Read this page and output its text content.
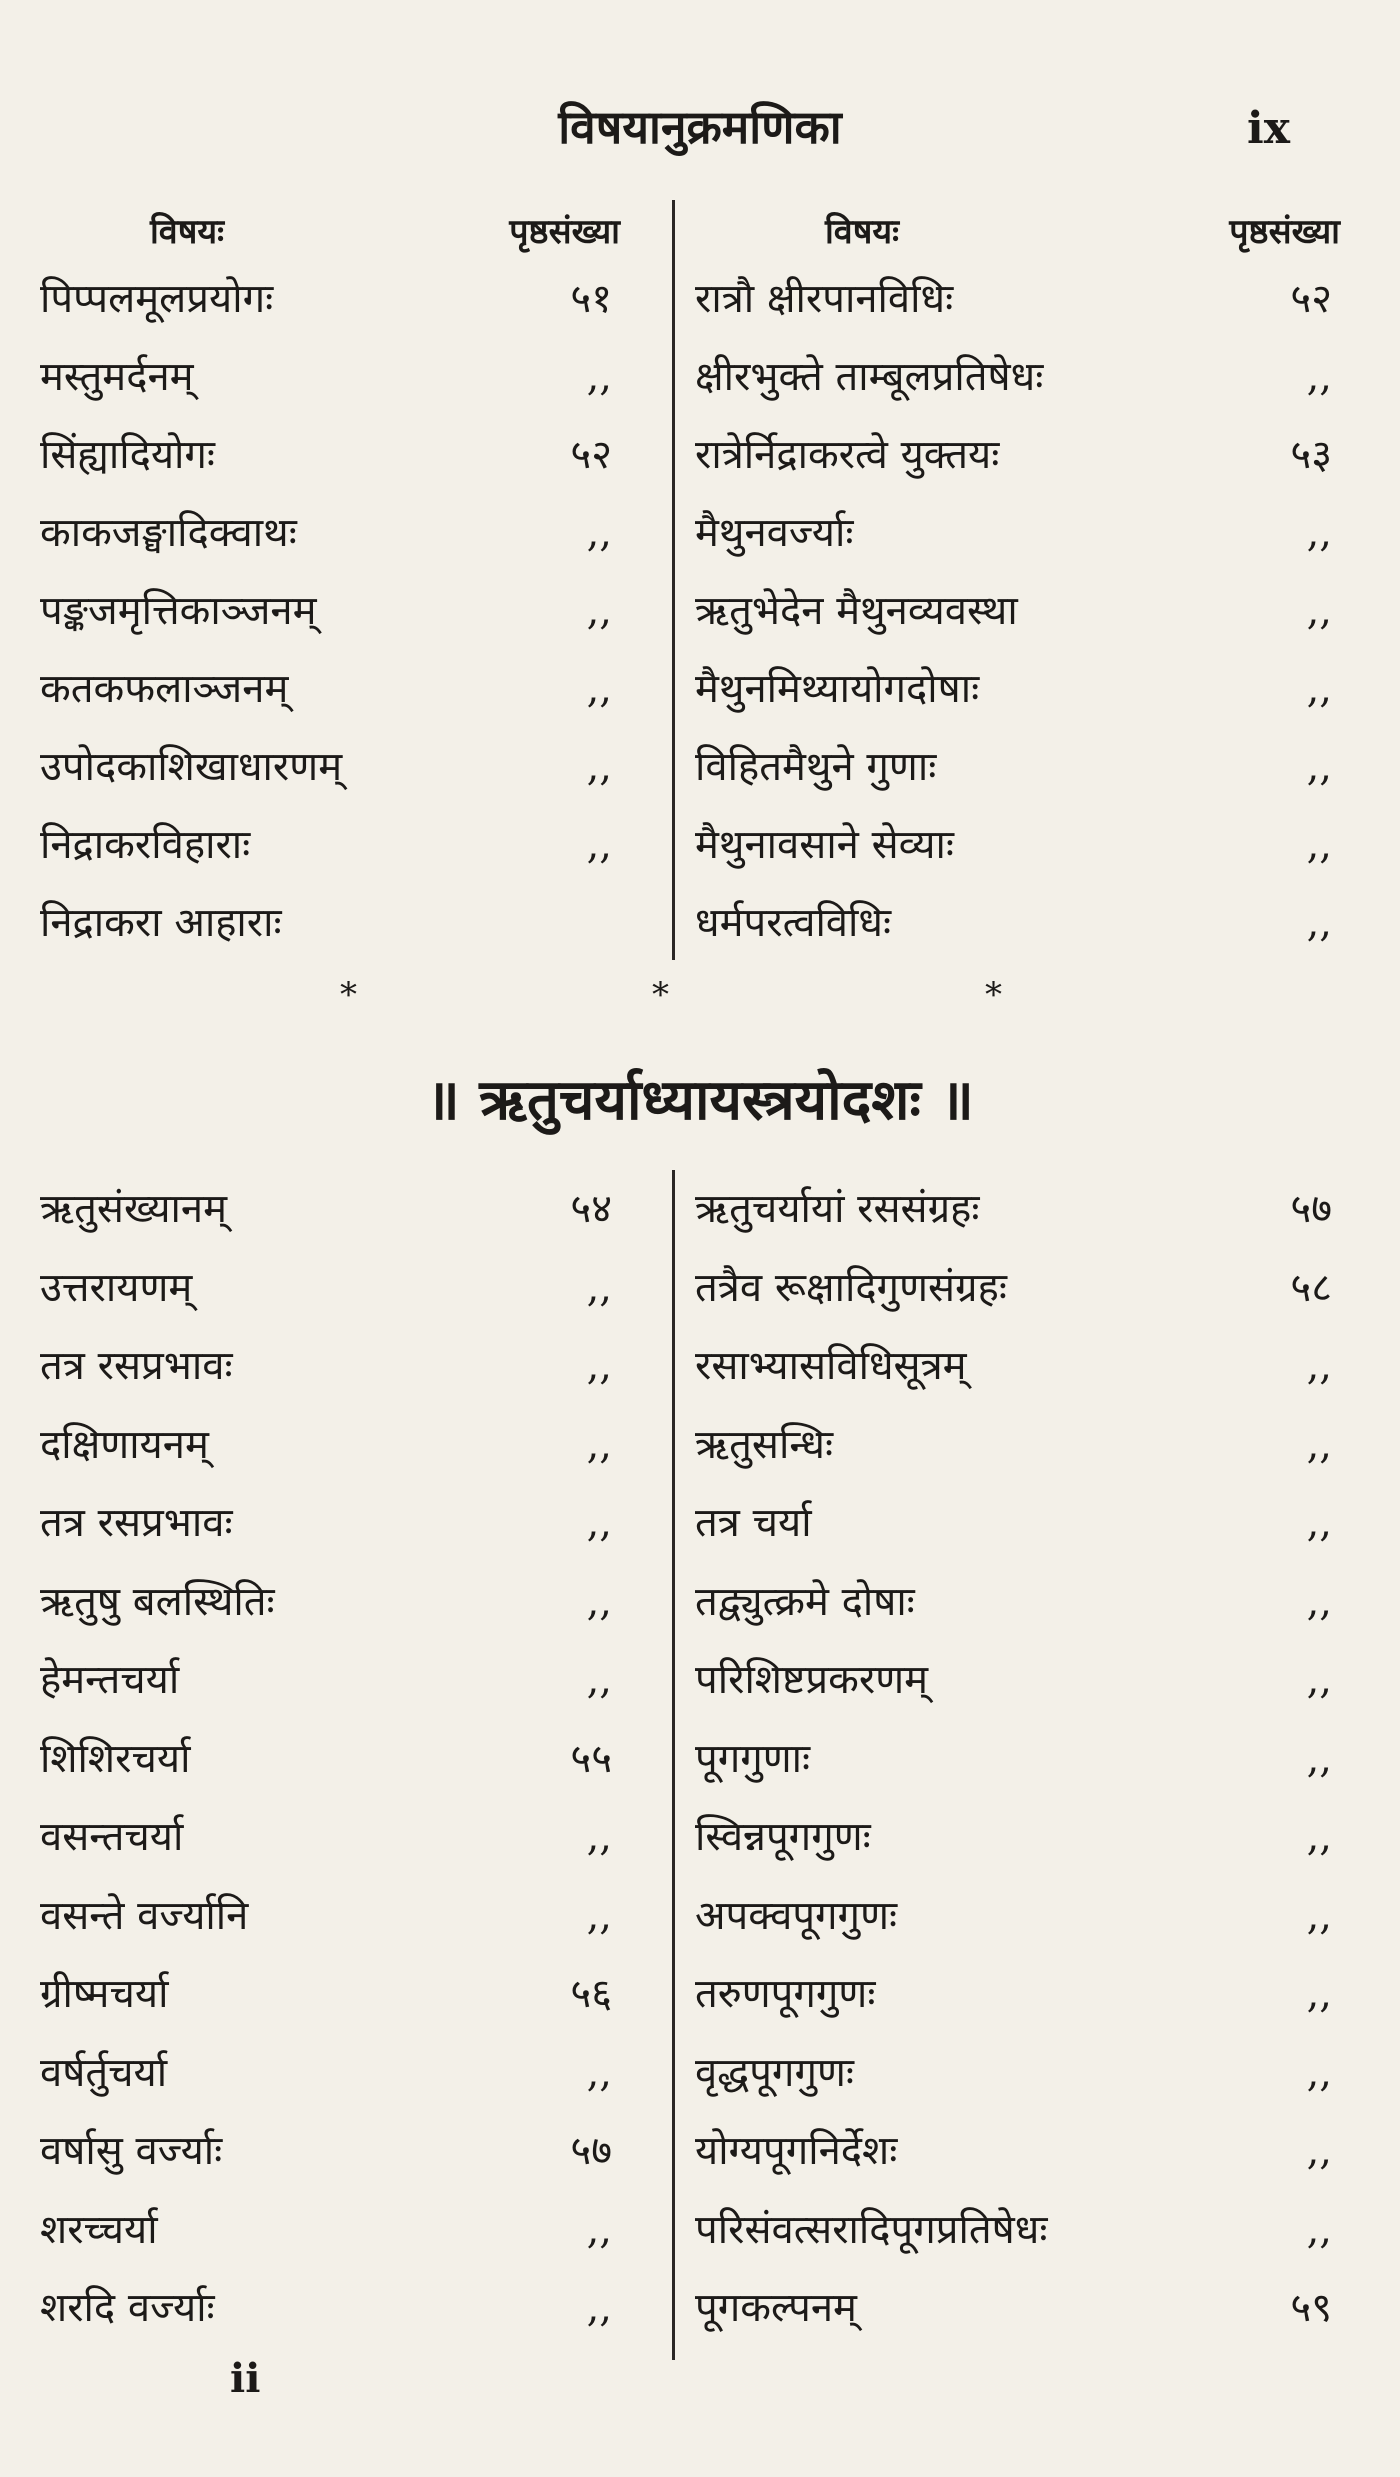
विषयानुक्रमणिका	ix
विषयः	पृष्ठसंख्या
पिप्पलमूलप्रयोगः	५१
मस्तुमर्दनम्	,,
सिंह्यादियोगः	५२
काकजङ्घादिक्वाथः	,,
पङ्कजमृत्तिकाञ्जनम्	,,
कतकफलाञ्जनम्	,,
उपोदकाशिखाधारणम्	,,
निद्राकरविहाराः	,,
निद्राकरा आहाराः
विषयः	पृष्ठसंख्या
रात्रौ क्षीरपानविधिः	५२
क्षीरभुक्ते ताम्बूलप्रतिषेधः	,,
रात्रेर्निद्राकरत्वे युक्तयः	५३
मैथुनवर्ज्याः	,,
ऋतुभेदेन मैथुनव्यवस्था	,,
मैथुनमिथ्यायोगदोषाः	,,
विहितमैथुने गुणाः	,,
मैथुनावसाने सेव्याः	,,
धर्मपरत्वविधिः	,,
*	*	*
॥ ऋतुचर्याध्यायस्त्रयोदशः ॥
ऋतुसंख्यानम्	५४
उत्तरायणम्	,,
तत्र रसप्रभावः	,,
दक्षिणायनम्	,,
तत्र रसप्रभावः	,,
ऋतुषु बलस्थितिः	,,
हेमन्तचर्या	,,
शिशिरचर्या	५५
वसन्तचर्या	,,
वसन्ते वर्ज्यानि	,,
ग्रीष्मचर्या	५६
वर्षर्तुचर्या	,,
वर्षासु वर्ज्याः	५७
शरच्चर्या	,,
शरदि वर्ज्याः	,,
ऋतुचर्यायां रससंग्रहः	५७
तत्रैव रूक्षादिगुणसंग्रहः	५८
रसाभ्यासविधिसूत्रम्	,,
ऋतुसन्धिः	,,
तत्र चर्या	,,
तद्व्युत्क्रमे दोषाः	,,
परिशिष्टप्रकरणम्	,,
पूगगुणाः	,,
स्विन्नपूगगुणः	,,
अपक्वपूगगुणः	,,
तरुणपूगगुणः	,,
वृद्धपूगगुणः	,,
योग्यपूगनिर्देशः	,,
परिसंवत्सरादिपूगप्रतिषेधः	,,
पूगकल्पनम्	५९
ii
